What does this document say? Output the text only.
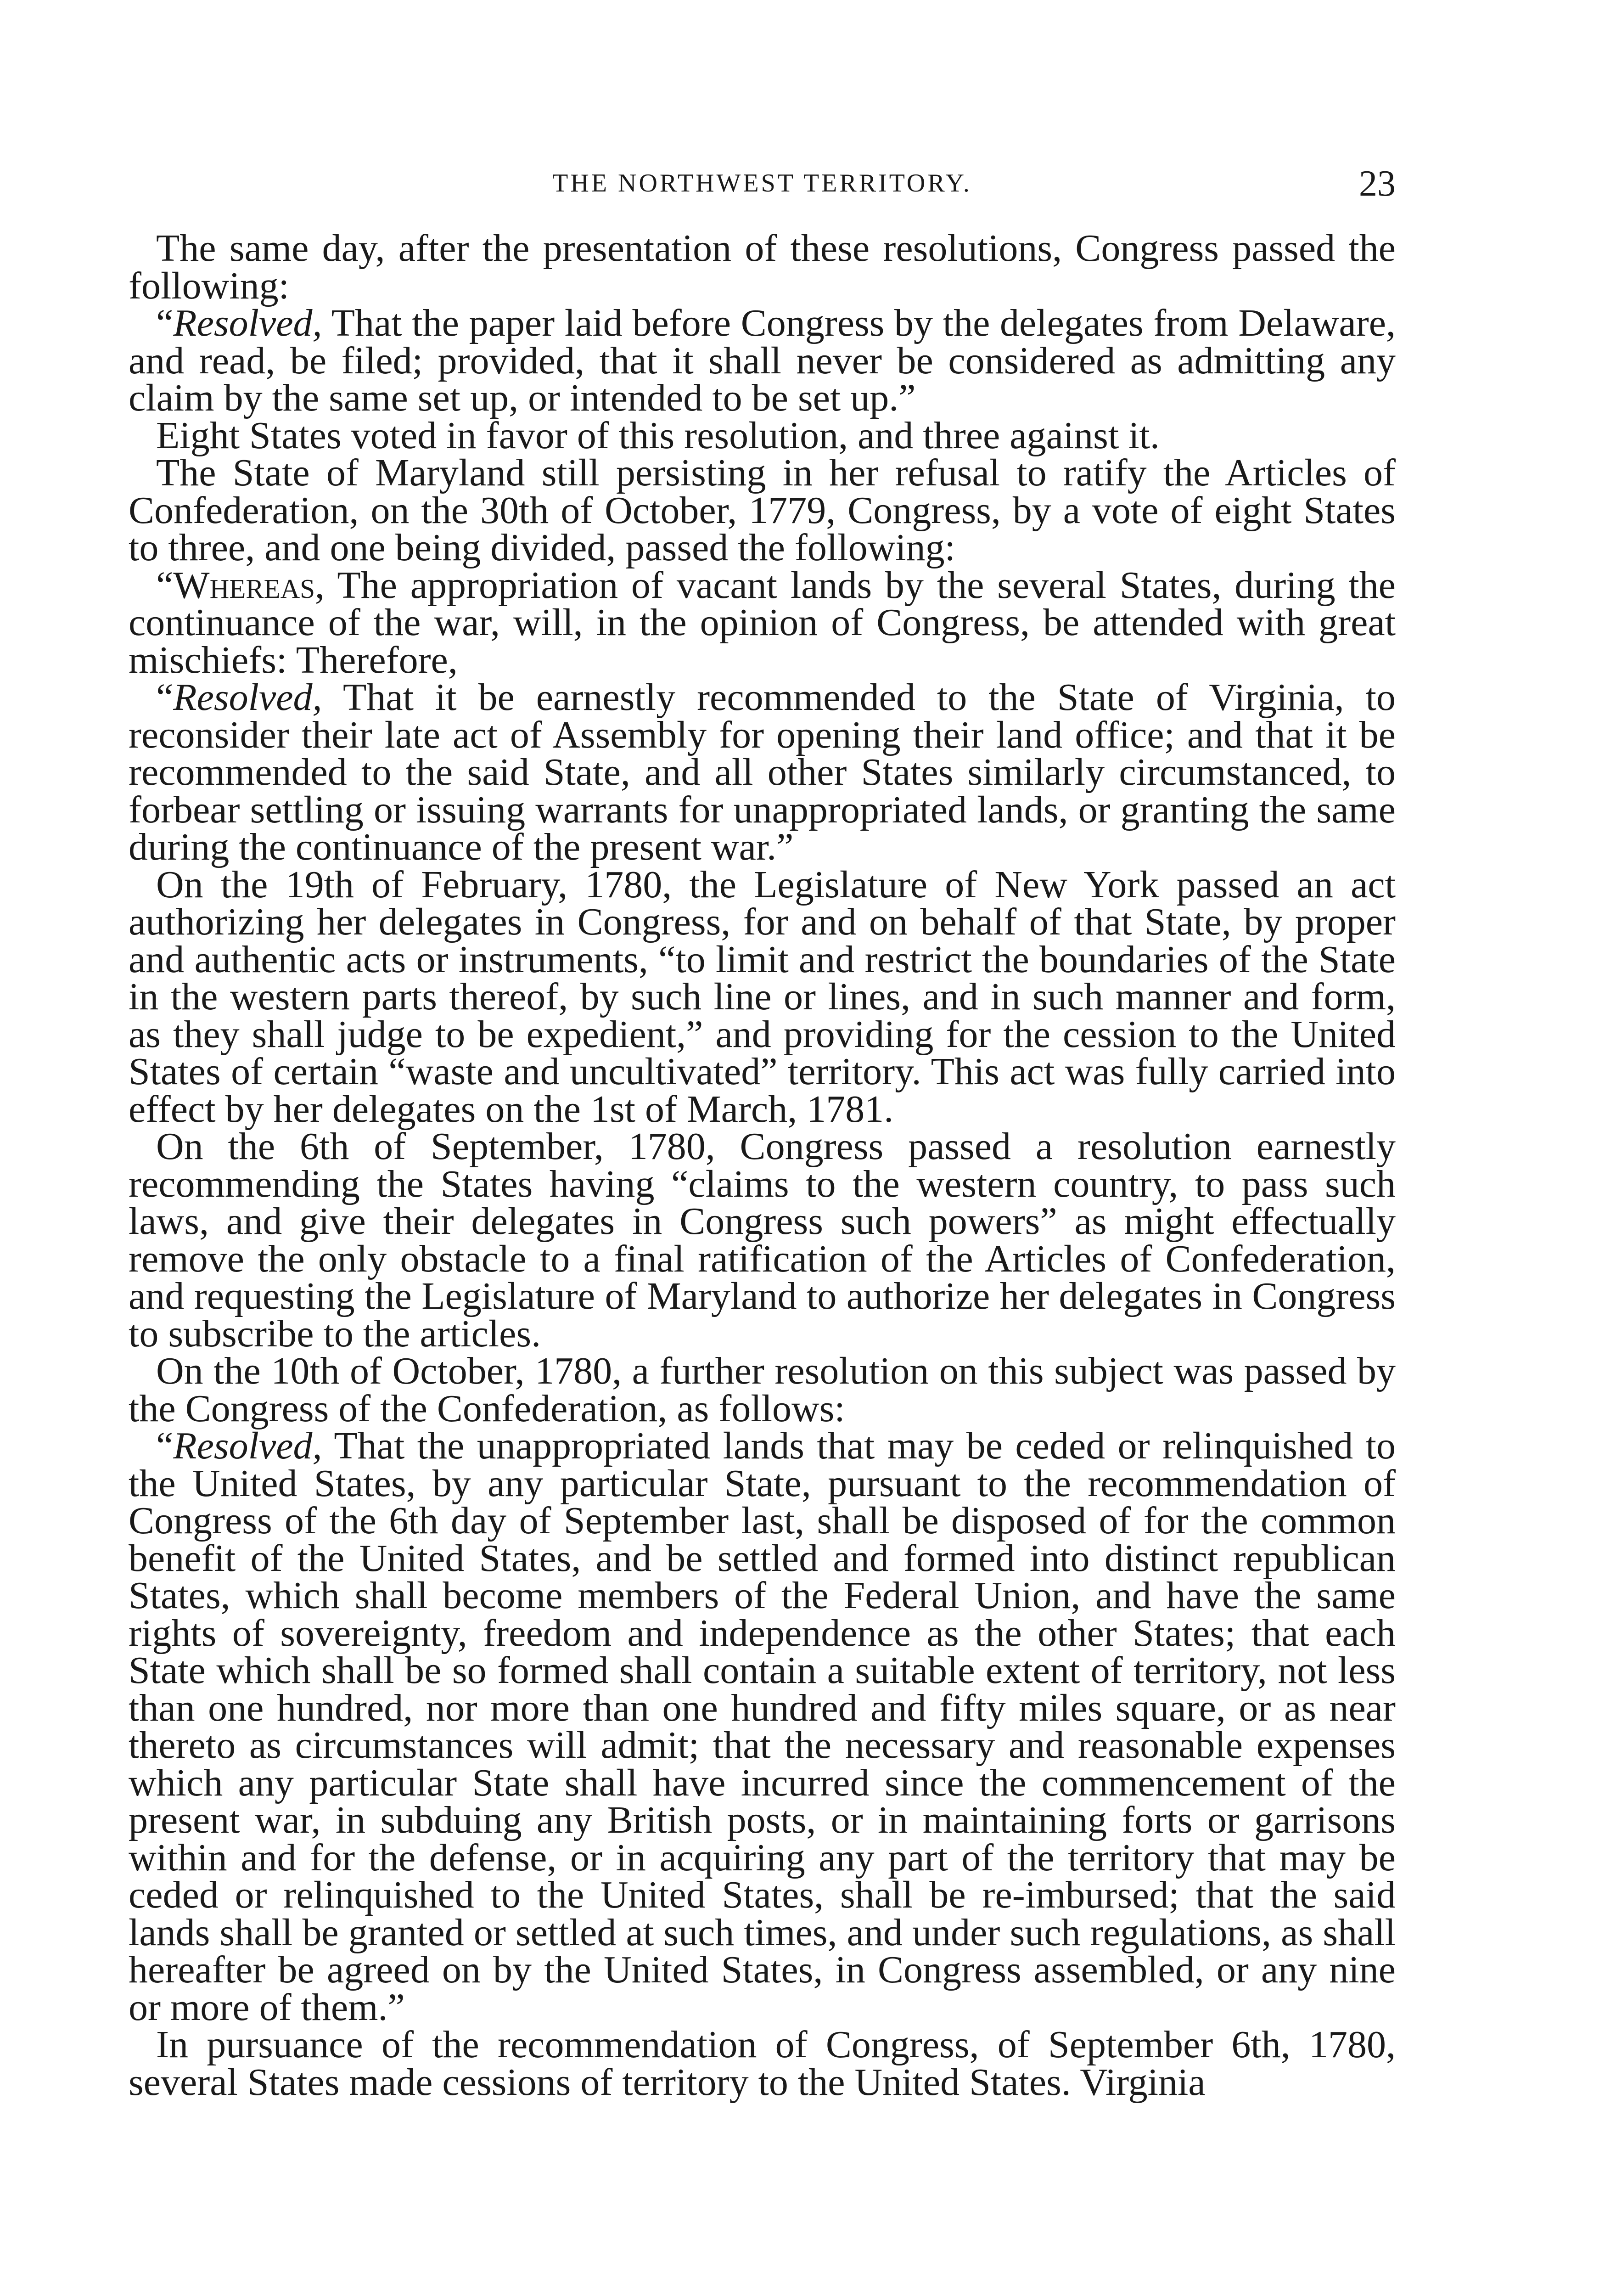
THE NORTHWEST TERRITORY.	23

The same day, after the presentation of these resolutions, Congress passed the following:

“Resolved, That the paper laid before Congress by the delegates from Delaware, and read, be filed; provided, that it shall never be considered as admitting any claim by the same set up, or intended to be set up.”

Eight States voted in favor of this resolution, and three against it.

The State of Maryland still persisting in her refusal to ratify the Articles of Confederation, on the 30th of October, 1779, Congress, by a vote of eight States to three, and one being divided, passed the following:

“Whereas, The appropriation of vacant lands by the several States, during the continuance of the war, will, in the opinion of Congress, be attended with great mischiefs: Therefore,

“Resolved, That it be earnestly recommended to the State of Virginia, to reconsider their late act of Assembly for opening their land office; and that it be recommended to the said State, and all other States similarly circumstanced, to forbear settling or issuing warrants for unappropriated lands, or granting the same during the continuance of the present war.”

On the 19th of February, 1780, the Legislature of New York passed an act authorizing her delegates in Congress, for and on behalf of that State, by proper and authentic acts or instruments, “to limit and restrict the boundaries of the State in the western parts thereof, by such line or lines, and in such manner and form, as they shall judge to be expedient,” and providing for the cession to the United States of certain “waste and uncultivated” territory. This act was fully carried into effect by her delegates on the 1st of March, 1781.

On the 6th of September, 1780, Congress passed a resolution earnestly recommending the States having “claims to the western country, to pass such laws, and give their delegates in Congress such powers” as might effectually remove the only obstacle to a final ratification of the Articles of Confederation, and requesting the Legislature of Maryland to authorize her delegates in Congress to subscribe to the articles.

On the 10th of October, 1780, a further resolution on this subject was passed by the Congress of the Confederation, as follows:

“Resolved, That the unappropriated lands that may be ceded or relinquished to the United States, by any particular State, pursuant to the recommendation of Congress of the 6th day of September last, shall be disposed of for the common benefit of the United States, and be settled and formed into distinct republican States, which shall become members of the Federal Union, and have the same rights of sovereignty, freedom and independence as the other States; that each State which shall be so formed shall contain a suitable extent of territory, not less than one hundred, nor more than one hundred and fifty miles square, or as near thereto as circumstances will admit; that the necessary and reasonable expenses which any particular State shall have incurred since the commencement of the present war, in subduing any British posts, or in maintaining forts or garrisons within and for the defense, or in acquiring any part of the territory that may be ceded or relinquished to the United States, shall be re-imbursed; that the said lands shall be granted or settled at such times, and under such regulations, as shall hereafter be agreed on by the United States, in Congress assembled, or any nine or more of them.”

In pursuance of the recommendation of Congress, of September 6th, 1780, several States made cessions of territory to the United States. Virginia
